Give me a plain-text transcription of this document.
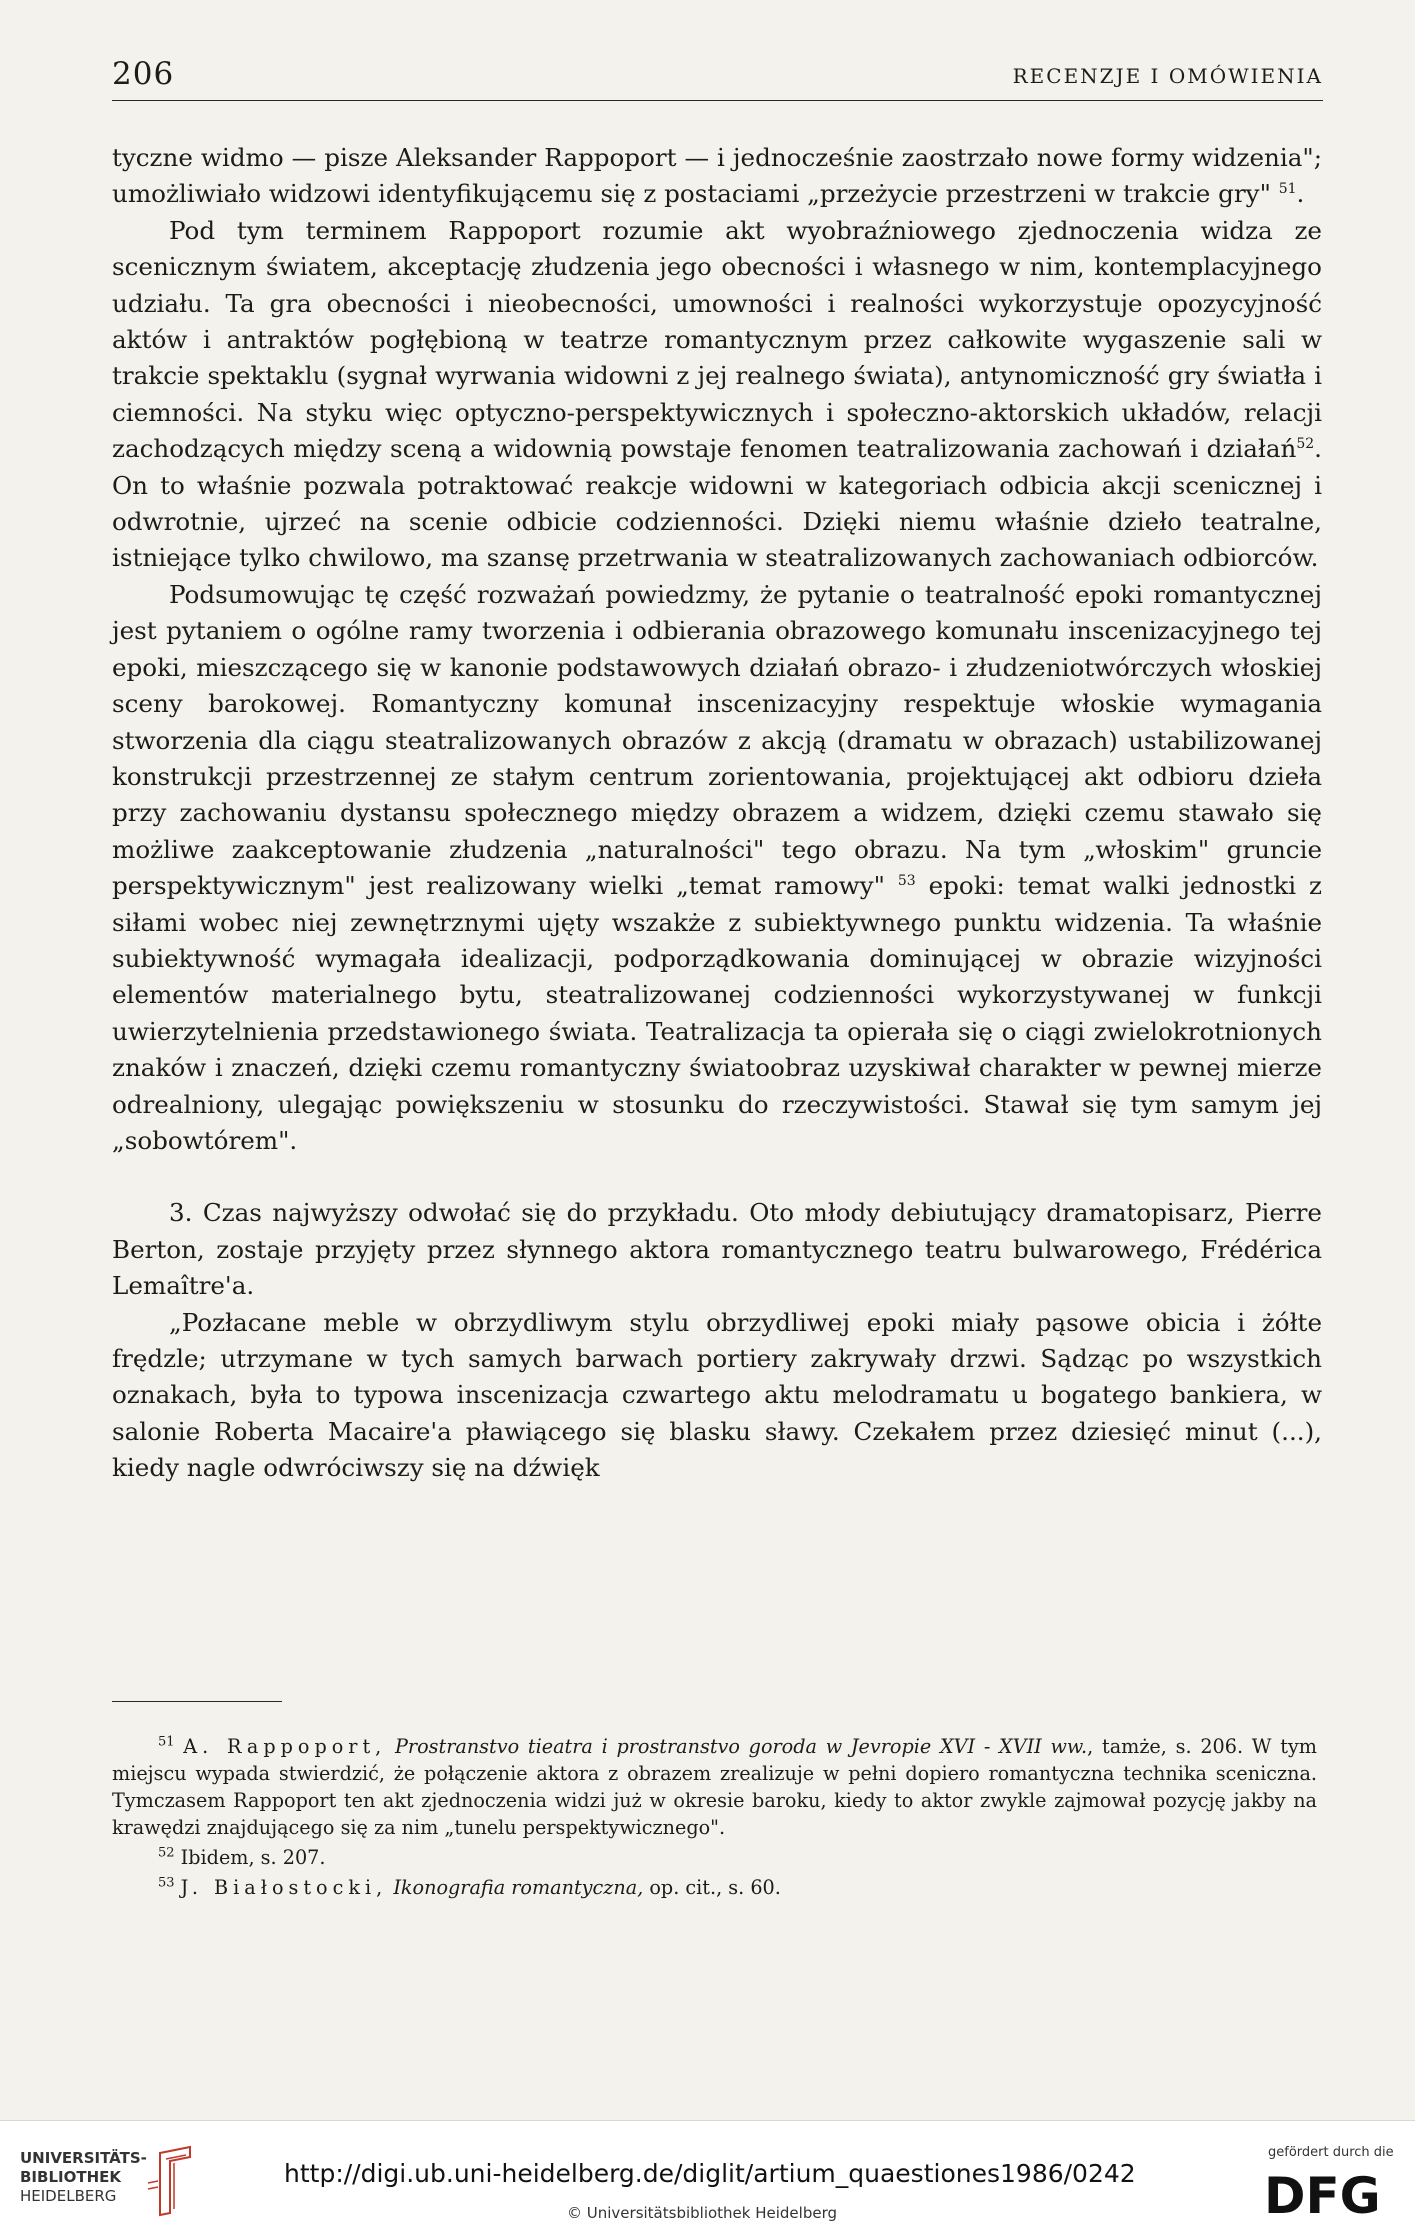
206	RECENZJE I OMÓWIENIA

tyczne widmo — pisze Aleksander Rappoport — i jednocześnie zaostrzało nowe formy widzenia"; umożliwiało widzowi identyfikującemu się z postaciami „przeżycie przestrzeni w trakcie gry" $^{51}$.

Pod tym terminem Rappoport rozumie akt wyobraźniowego zjednoczenia widza ze scenicznym światem, akceptację złudzenia jego obecności i własnego w nim, kontemplacyjnego udziału. Ta gra obecności i nieobecności, umowności i realności wykorzystuje opozycyjność aktów i antraktów pogłębioną w teatrze romantycznym przez całkowite wygaszenie sali w trakcie spektaklu (sygnał wyrwania widowni z jej realnego świata), antynomiczność gry światła i ciemności. Na styku więc optyczno-perspektywicznych i społeczno-aktorskich układów, relacji zachodzących między sceną a widownią powstaje fenomen teatralizowania zachowań i działań$^{52}$. On to właśnie pozwala potraktować reakcje widowni w kategoriach odbicia akcji scenicznej i odwrotnie, ujrzeć na scenie odbicie codzienności. Dzięki niemu właśnie dzieło teatralne, istniejące tylko chwilowo, ma szansę przetrwania w steatralizowanych zachowaniach odbiorców.

Podsumowując tę część rozważań powiedzmy, że pytanie o teatralność epoki romantycznej jest pytaniem o ogólne ramy tworzenia i odbierania obrazowego komunału inscenizacyjnego tej epoki, mieszczącego się w kanonie podstawowych działań obrazo- i złudzeniotwórczych włoskiej sceny barokowej. Romantyczny komunał inscenizacyjny respektuje włoskie wymagania stworzenia dla ciągu steatralizowanych obrazów z akcją (dramatu w obrazach) ustabilizowanej konstrukcji przestrzennej ze stałym centrum zorientowania, projektującej akt odbioru dzieła przy zachowaniu dystansu społecznego między obrazem a widzem, dzięki czemu stawało się możliwe zaakceptowanie złudzenia „naturalności" tego obrazu. Na tym „włoskim" gruncie perspektywicznym" jest realizowany wielki „temat ramowy" $^{53}$ epoki: temat walki jednostki z siłami wobec niej zewnętrznymi ujęty wszakże z subiektywnego punktu widzenia. Ta właśnie subiektywność wymagała idealizacji, podporządkowania dominującej w obrazie wizyjności elementów materialnego bytu, steatralizowanej codzienności wykorzystywanej w funkcji uwierzytelnienia przedstawionego świata. Teatralizacja ta opierała się o ciągi zwielokrotnionych znaków i znaczeń, dzięki czemu romantyczny światoobraz uzyskiwał charakter w pewnej mierze odrealniony, ulegając powiększeniu w stosunku do rzeczywistości. Stawał się tym samym jej „sobowtórem".

3. Czas najwyższy odwołać się do przykładu. Oto młody debiutujący dramatopisarz, Pierre Berton, zostaje przyjęty przez słynnego aktora romantycznego teatru bulwarowego, Frédérica Lemaître'a.

„Pozłacane meble w obrzydliwym stylu obrzydliwej epoki miały pąsowe obicia i żółte frędzle; utrzymane w tych samych barwach portiery zakrywały drzwi. Sądząc po wszystkich oznakach, była to typowa inscenizacja czwartego aktu melodramatu u bogatego bankiera, w salonie Roberta Macaire'a pławiącego się blasku sławy. Czekałem przez dziesięć minut (...), kiedy nagle odwróciwszy się na dźwięk

$^{51}$ A. Rappoport, Prostranstvo tieatra i prostranstvo goroda w Jevropie XVI - XVII ww., tamże, s. 206. W tym miejscu wypada stwierdzić, że połączenie aktora z obrazem zrealizuje w pełni dopiero romantyczna technika sceniczna. Tymczasem Rappoport ten akt zjednoczenia widzi już w okresie baroku, kiedy to aktor zwykle zajmował pozycję jakby na krawędzi znajdującego się za nim „tunelu perspektywicznego".

$^{52}$ Ibidem, s. 207.

$^{53}$ J. Białostocki, Ikonografia romantyczna, op. cit., s. 60.

UNIVERSITÄTS-
BIBLIOTHEK
HEIDELBERG
http://digi.ub.uni-heidelberg.de/diglit/artium_quaestiones1986/0242
© Universitätsbibliothek Heidelberg
gefördert durch die
DFG
